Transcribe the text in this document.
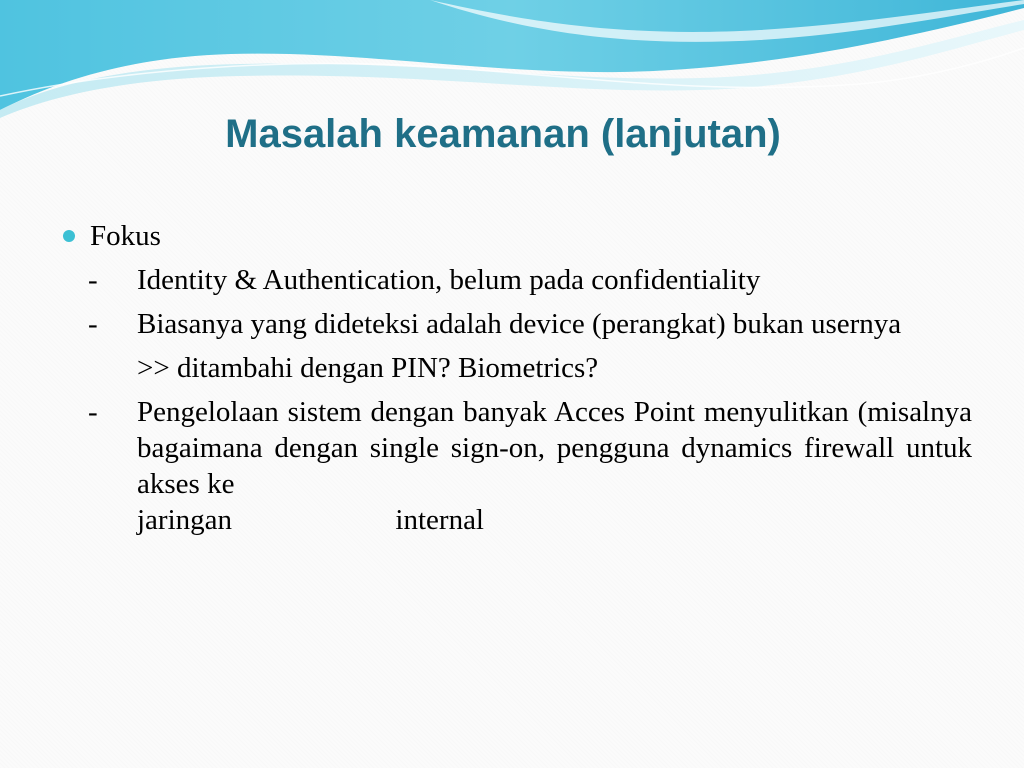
Masalah keamanan (lanjutan)
Fokus
- Identity & Authentication, belum pada confidentiality
- Biasanya yang dideteksi adalah device (perangkat) bukan usernya
>> ditambahi dengan PIN? Biometrics?
- Pengelolaan sistem dengan banyak Acces Point menyulitkan (misalnya bagaimana dengan single sign-on, pengguna dynamics firewall untuk akses ke
jaringan	internal
